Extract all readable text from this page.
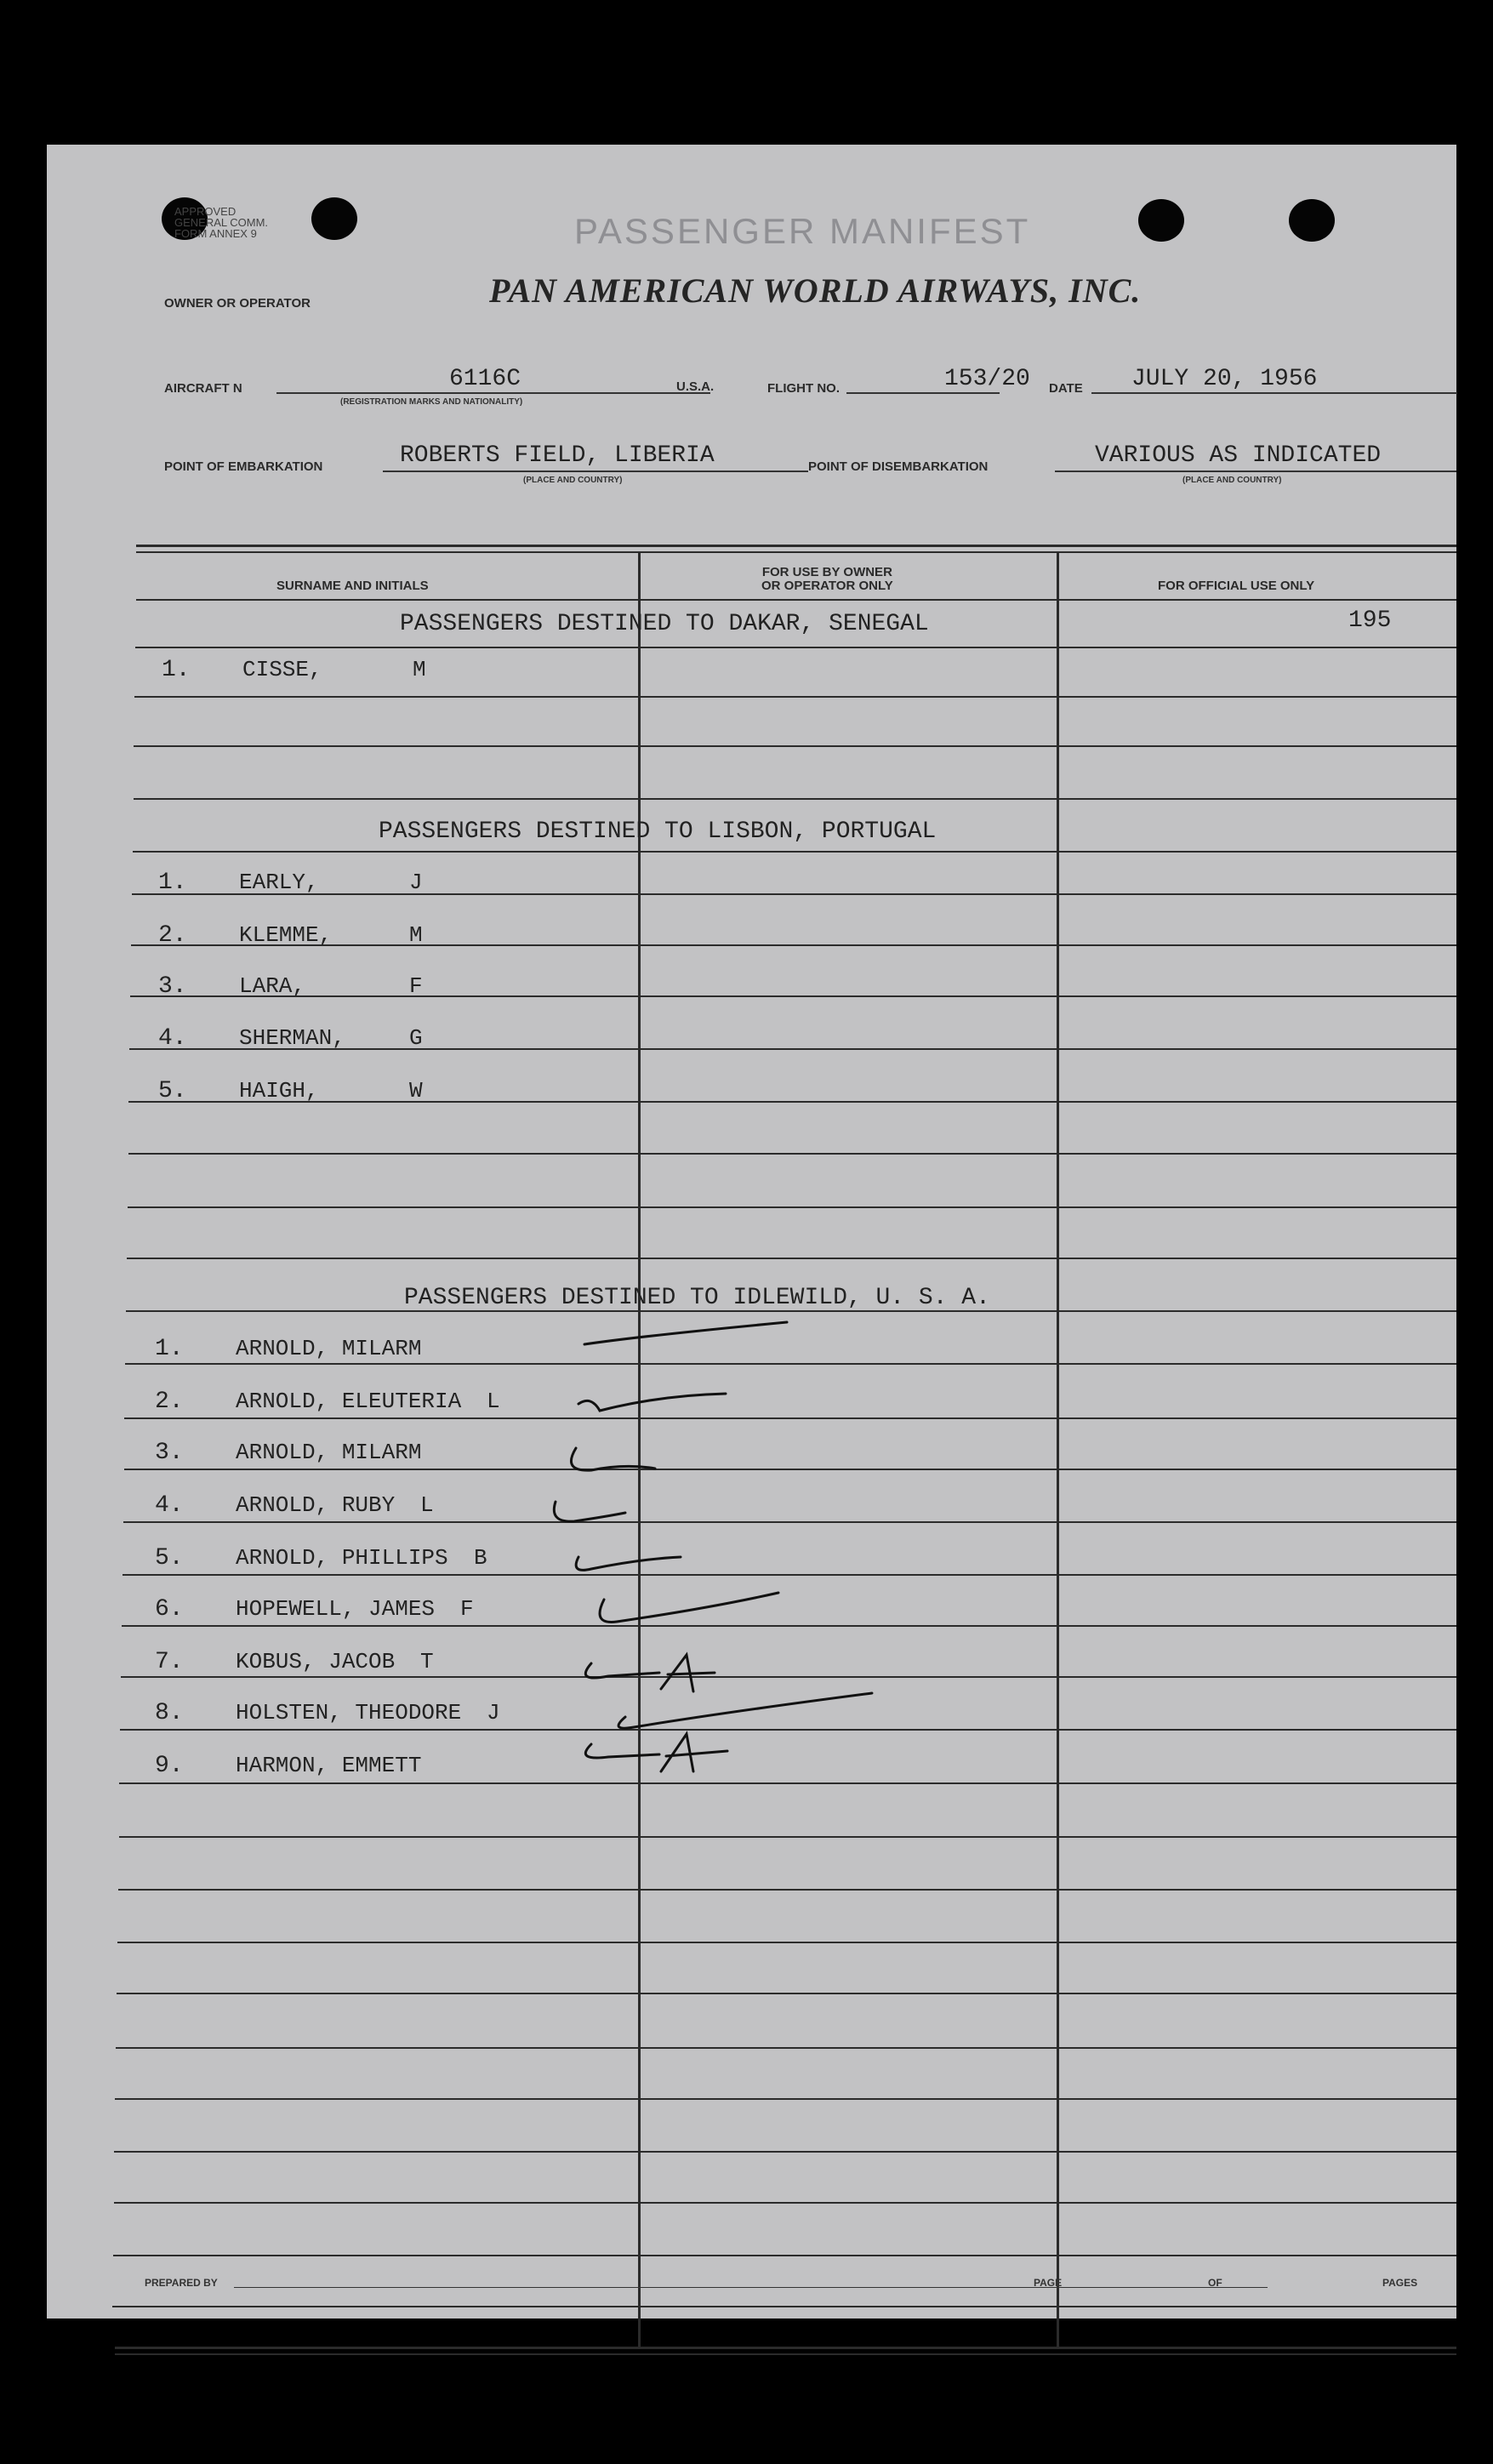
APPROVED
GENERAL COMM.
FORM ANNEX 9	PASSENGER MANIFEST
OWNER OR OPERATOR	PAN AMERICAN WORLD AIRWAYS, INC.
AIRCRAFT N	6116C
(REGISTRATION MARKS AND NATIONALITY)
U.S.A.	FLIGHT NO.	153/20 DATE JULY 20, 1956
POINT OF EMBARKATION	ROBERTS FIELD, LIBERIA
(PLACE AND COUNTRY)
POINT OF DISEMBARKATION	VARIOUS AS INDICATED
(PLACE AND COUNTRY)
SURNAME AND INITIALS
FOR USE BY OWNER
OR OPERATOR ONLY	FOR OFFICIAL USE ONLY
195
PASSENGERS DESTINED TO DAKAR, SENEGAL
1. CISSE,	M
PASSENGERS DESTINED TO LISBON, PORTUGAL
1. EARLY,	J
2. KLEMME,	M
3. LARA,	F
4. SHERMAN,	G
5. HAIGH,	W
PASSENGERS DESTINED TO IDLEWILD, U. S. A.
1. ARNOLD, MILARM
2. ARNOLD, ELEUTERIA L
3. ARNOLD, MILARM
4. ARNOLD, RUBY L
5. ARNOLD, PHILLIPS B
6. HOPEWELL, JAMES F
7. KOBUS, JACOB T
8. HOLSTEN, THEODORE J
9. HARMON, EMMETT
PREPARED BY	PAGE	OF	PAGES
